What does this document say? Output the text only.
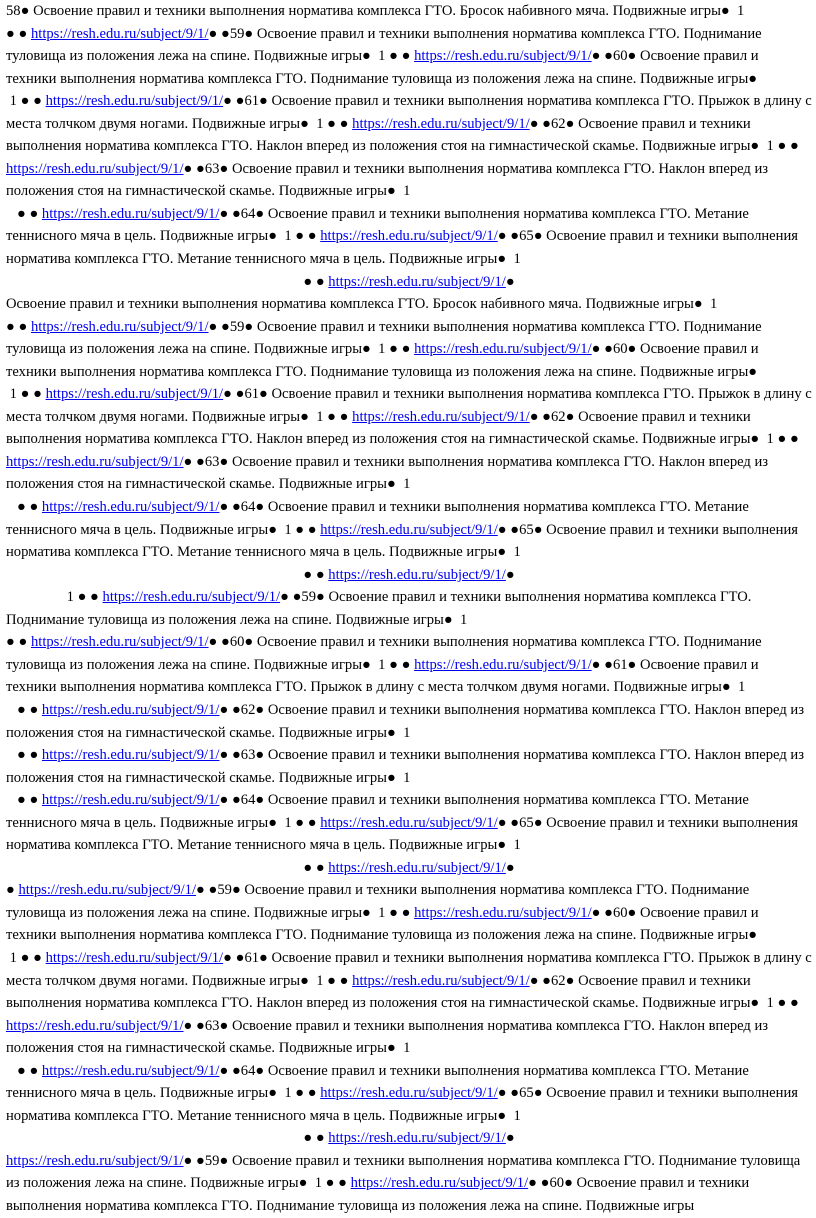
58● Освоение правил и техники выполнения норматива комплекса ГТО. Бросок набивного мяча. Подвижные игры● 1
● ● https://resh.edu.ru/subject/9/1/● ●59● Освоение правил и техники выполнения норматива комплекса ГТО. Поднимание туловища из положения лежа на спине. Подвижные игры● 1 ● ● https://resh.edu.ru/subject/9/1/● ●60● Освоение правил и техники выполнения норматива комплекса ГТО. Поднимание туловища из положения лежа на спине. Подвижные игры●
1 ● ● https://resh.edu.ru/subject/9/1/● ●61● Освоение правил и техники выполнения норматива комплекса ГТО. Прыжок в длину с места толчком двумя ногами. Подвижные игры● 1 ● ● https://resh.edu.ru/subject/9/1/● ●62● Освоение правил и техники выполнения норматива комплекса ГТО. Наклон вперед из положения стоя на гимнастической скамье. Подвижные игры● 1 ● ● https://resh.edu.ru/subject/9/1/● ●63● Освоение правил и техники выполнения норматива комплекса ГТО. Наклон вперед из положения стоя на гимнастической скамье. Подвижные игры● 1
● ● https://resh.edu.ru/subject/9/1/● ●64● Освоение правил и техники выполнения норматива комплекса ГТО. Метание теннисного мяча в цель. Подвижные игры● 1 ● ● https://resh.edu.ru/subject/9/1/● ●65● Освоение правил и техники выполнения норматива комплекса ГТО. Метание теннисного мяча в цель. Подвижные игры● 1
● ● https://resh.edu.ru/subject/9/1/●

Освоение правил и техники выполнения норматива комплекса ГТО. Бросок набивного мяча. Подвижные игры● 1
● ● https://resh.edu.ru/subject/9/1/● ●59● Освоение правил и техники выполнения норматива комплекса ГТО. Поднимание туловища из положения лежа на спине. Подвижные игры● 1 ● ● https://resh.edu.ru/subject/9/1/● ●60● Освоение правил и техники выполнения норматива комплекса ГТО. Поднимание туловища из положения лежа на спине. Подвижные игры●
1 ● ● https://resh.edu.ru/subject/9/1/● ●61● Освоение правил и техники выполнения норматива комплекса ГТО. Прыжок в длину с места толчком двумя ногами. Подвижные игры● 1 ● ● https://resh.edu.ru/subject/9/1/● ●62● Освоение правил и техники выполнения норматива комплекса ГТО. Наклон вперед из положения стоя на гимнастической скамье. Подвижные игры● 1 ● ● https://resh.edu.ru/subject/9/1/● ●63● Освоение правил и техники выполнения норматива комплекса ГТО. Наклон вперед из положения стоя на гимнастической скамье. Подвижные игры● 1
● ● https://resh.edu.ru/subject/9/1/● ●64● Освоение правил и техники выполнения норматива комплекса ГТО. Метание теннисного мяча в цель. Подвижные игры● 1 ● ● https://resh.edu.ru/subject/9/1/● ●65● Освоение правил и техники выполнения норматива комплекса ГТО. Метание теннисного мяча в цель. Подвижные игры● 1
● ● https://resh.edu.ru/subject/9/1/●

1 ● ● https://resh.edu.ru/subject/9/1/● ●59● Освоение правил и техники выполнения норматива комплекса ГТО.
Поднимание туловища из положения лежа на спине. Подвижные игры● 1
● ● https://resh.edu.ru/subject/9/1/● ●60● Освоение правил и техники выполнения норматива комплекса ГТО. Поднимание туловища из положения лежа на спине. Подвижные игры● 1 ● ● https://resh.edu.ru/subject/9/1/● ●61● Освоение правил и техники выполнения норматива комплекса ГТО. Прыжок в длину с места толчком двумя ногами. Подвижные игры● 1
● ● https://resh.edu.ru/subject/9/1/● ●62● Освоение правил и техники выполнения норматива комплекса ГТО. Наклон вперед из положения стоя на гимнастической скамье. Подвижные игры● 1
● ● https://resh.edu.ru/subject/9/1/● ●63● Освоение правил и техники выполнения норматива комплекса ГТО. Наклон вперед из положения стоя на гимнастической скамье. Подвижные игры● 1
● ● https://resh.edu.ru/subject/9/1/● ●64● Освоение правил и техники выполнения норматива комплекса ГТО. Метание теннисного мяча в цель. Подвижные игры● 1 ● ● https://resh.edu.ru/subject/9/1/● ●65● Освоение правил и техники выполнения норматива комплекса ГТО. Метание теннисного мяча в цель. Подвижные игры● 1
● ● https://resh.edu.ru/subject/9/1/●

● https://resh.edu.ru/subject/9/1/● ●59● Освоение правил и техники выполнения норматива комплекса ГТО. Поднимание туловища из положения лежа на спине. Подвижные игры● 1 ● ● https://resh.edu.ru/subject/9/1/● ●60● Освоение правил и техники выполнения норматива комплекса ГТО. Поднимание туловища из положения лежа на спине. Подвижные игры●
1 ● ● https://resh.edu.ru/subject/9/1/● ●61● Освоение правил и техники выполнения норматива комплекса ГТО. Прыжок в длину с места толчком двумя ногами. Подвижные игры● 1 ● ● https://resh.edu.ru/subject/9/1/● ●62● Освоение правил и техники выполнения норматива комплекса ГТО. Наклон вперед из положения стоя на гимнастической скамье. Подвижные игры● 1 ● ● https://resh.edu.ru/subject/9/1/● ●63● Освоение правил и техники выполнения норматива комплекса ГТО. Наклон вперед из положения стоя на гимнастической скамье. Подвижные игры● 1
● ● https://resh.edu.ru/subject/9/1/● ●64● Освоение правил и техники выполнения норматива комплекса ГТО. Метание теннисного мяча в цель. Подвижные игры● 1 ● ● https://resh.edu.ru/subject/9/1/● ●65● Освоение правил и техники выполнения норматива комплекса ГТО. Метание теннисного мяча в цель. Подвижные игры● 1
● ● https://resh.edu.ru/subject/9/1/●

https://resh.edu.ru/subject/9/1/● ●59● Освоение правил и техники выполнения норматива комплекса ГТО. Поднимание туловища из положения лежа на спине. Подвижные игры● 1 ● ● https://resh.edu.ru/subject/9/1/● ●60● Освоение правил и техники выполнения норматива комплекса ГТО. Поднимание туловища из положения лежа на спине. Подвижные игры
